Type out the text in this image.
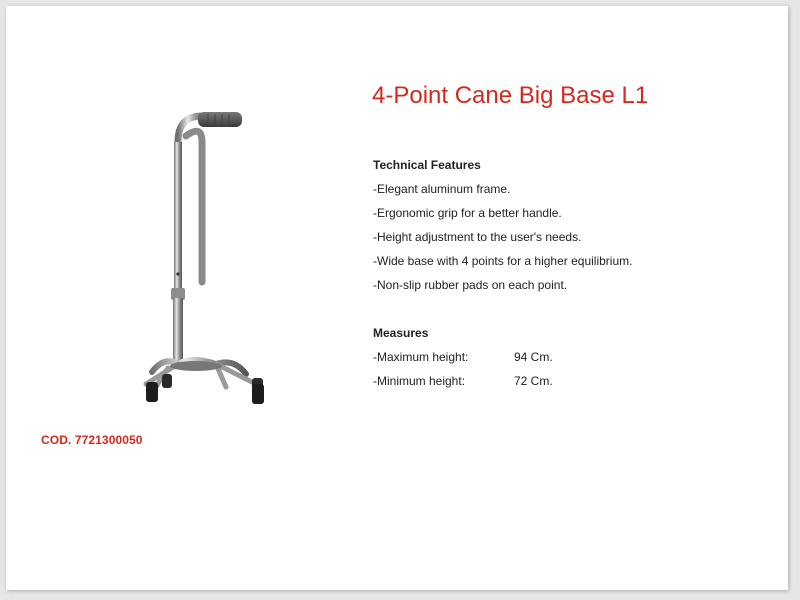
COD. 7721300050
4-Point Cane Big Base L1
Technical Features
-Elegant aluminum frame.
-Ergonomic grip for a better handle.
-Height adjustment to the user's needs.
-Wide base with 4 points for a higher equilibrium.
-Non-slip rubber pads on each point.
Measures
-Maximum height:	94 Cm.
-Minimum height:	72 Cm.
